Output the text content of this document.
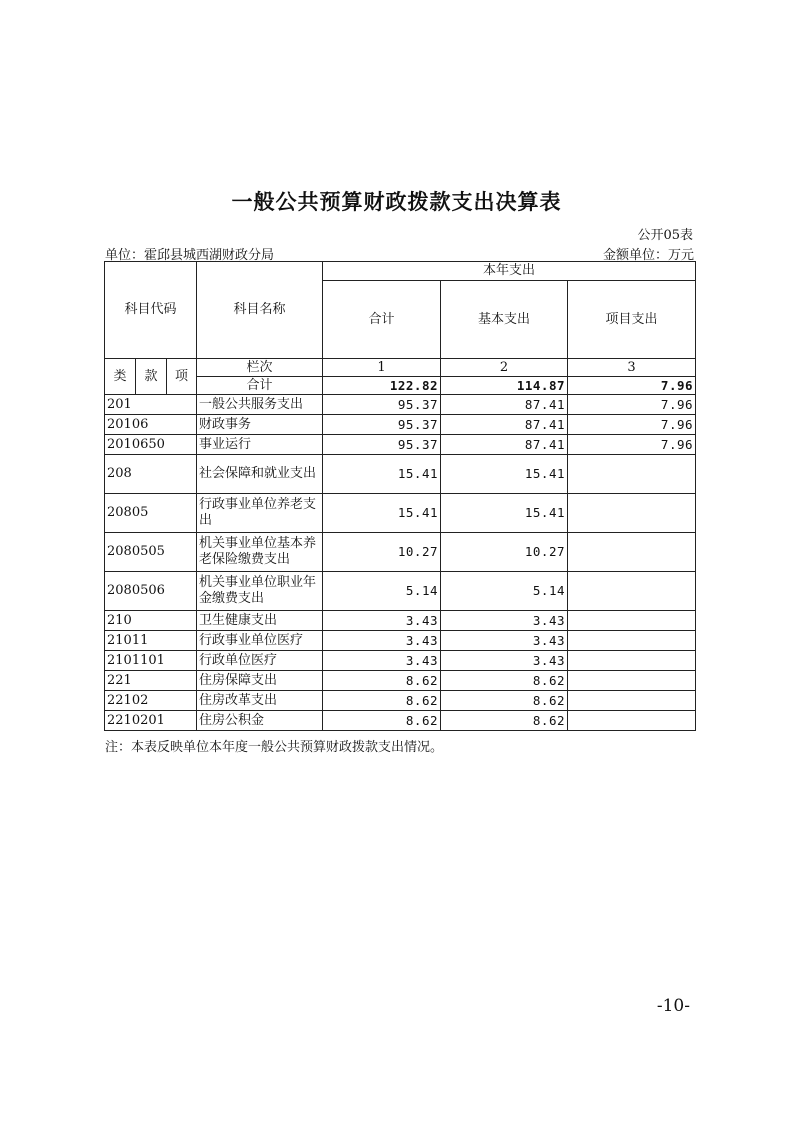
一般公共预算财政拨款支出决算表
公开05表
单位：霍邱县城西湖财政分局	金额单位：万元
科目代码			科目名称	本年支出		
				合计	基本支出	项目支出

类	款	项	栏次	1	2	3
			合计	122.82	114.87	7.96
201			一般公共服务支出	95.37	87.41	7.96
20106			财政事务	95.37	87.41	7.96
2010650			事业运行	95.37	87.41	7.96
208			社会保障和就业支出	15.41	15.41	
20805			行政事业单位养老支出	15.41	15.41	
2080505			机关事业单位基本养老保险缴费支出	10.27	10.27	
2080506			机关事业单位职业年金缴费支出	5.14	5.14	
210			卫生健康支出	3.43	3.43	
21011			行政事业单位医疗	3.43	3.43	
2101101			行政单位医疗	3.43	3.43	
221			住房保障支出	8.62	8.62	
22102			住房改革支出	8.62	8.62	
2210201			住房公积金	8.62	8.62	
注：本表反映单位本年度一般公共预算财政拨款支出情况。
-10-
